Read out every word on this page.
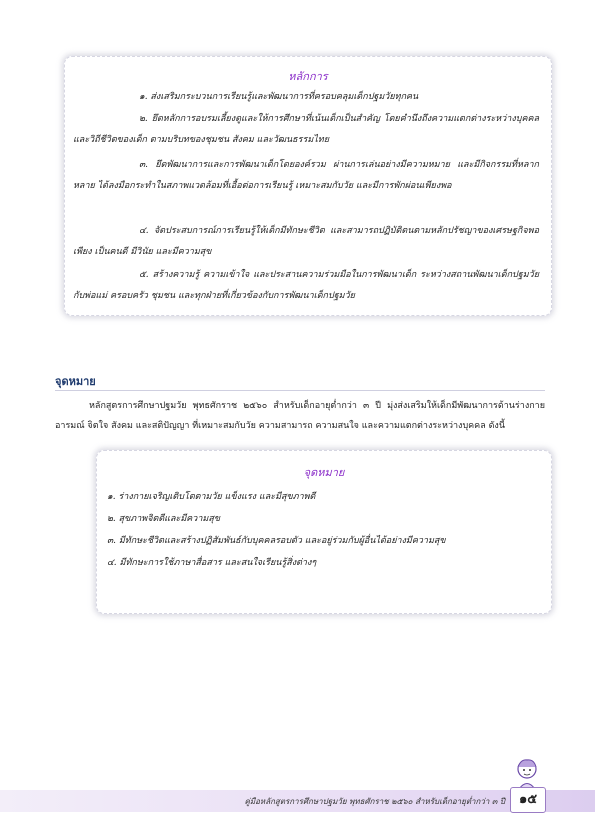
หลักการ

๑. ส่งเสริมกระบวนการเรียนรู้และพัฒนาการที่ครอบคลุมเด็กปฐมวัยทุกคน

๒. ยึดหลักการอบรมเลี้ยงดูและให้การศึกษาที่เน้นเด็กเป็นสำคัญ โดยคำนึงถึงความแตกต่างระหว่างบุคคลและวิถีชีวิตของเด็ก ตามบริบทของชุมชน สังคม และวัฒนธรรมไทย

๓. ยึดพัฒนาการและการพัฒนาเด็กโดยองค์รวม ผ่านการเล่นอย่างมีความหมาย และมีกิจกรรมที่หลากหลาย ได้ลงมือกระทำในสภาพแวดล้อมที่เอื้อต่อการเรียนรู้ เหมาะสมกับวัย และมีการพักผ่อนเพียงพอ

๔. จัดประสบการณ์การเรียนรู้ให้เด็กมีทักษะชีวิต และสามารถปฏิบัติตนตามหลักปรัชญาของเศรษฐกิจพอเพียง เป็นคนดี มีวินัย และมีความสุข

๕. สร้างความรู้ ความเข้าใจ และประสานความร่วมมือในการพัฒนาเด็ก ระหว่างสถานพัฒนาเด็กปฐมวัยกับพ่อแม่ ครอบครัว ชุมชน และทุกฝ่ายที่เกี่ยวข้องกับการพัฒนาเด็กปฐมวัย

จุดหมาย

หลักสูตรการศึกษาปฐมวัย พุทธศักราช ๒๕๖๐ สำหรับเด็กอายุต่ำกว่า ๓ ปี มุ่งส่งเสริมให้เด็กมีพัฒนาการด้านร่างกาย อารมณ์ จิตใจ สังคม และสติปัญญา ที่เหมาะสมกับวัย ความสามารถ ความสนใจ และความแตกต่างระหว่างบุคคล ดังนี้

จุดหมาย
๑. ร่างกายเจริญเติบโตตามวัย แข็งแรง และมีสุขภาพดี
๒. สุขภาพจิตดีและมีความสุข
๓. มีทักษะชีวิตและสร้างปฏิสัมพันธ์กับบุคคลรอบตัว และอยู่ร่วมกับผู้อื่นได้อย่างมีความสุข
๔. มีทักษะการใช้ภาษาสื่อสาร และสนใจเรียนรู้สิ่งต่างๆ
คู่มือหลักสูตรการศึกษาปฐมวัย พุทธศักราช ๒๕๖๐ สำหรับเด็กอายุต่ำกว่า ๓ ปี	๑๕
